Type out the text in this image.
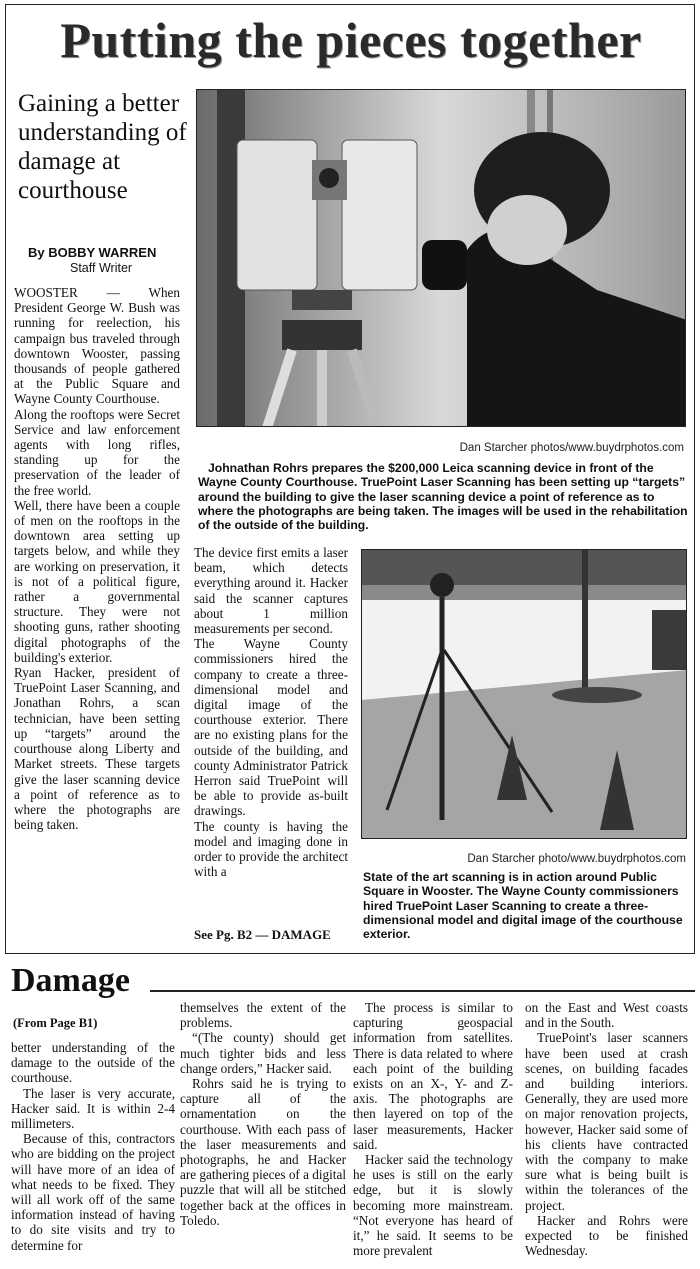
Putting the pieces together
Gaining a better understanding of damage at courthouse
By BOBBY WARREN
Staff Writer

WOOSTER — When President George W. Bush was running for reelection, his campaign bus traveled through downtown Wooster, passing thousands of people gathered at the Public Square and Wayne County Courthouse.

Along the rooftops were Secret Service and law enforcement agents with long rifles, standing up for the preservation of the leader of the free world.

Well, there have been a couple of men on the rooftops in the downtown area setting up targets below, and while they are working on preservation, it is not of a political figure, rather a governmental structure. They were not shooting guns, rather shooting digital photographs of the building's exterior.

Ryan Hacker, president of TruePoint Laser Scanning, and Jonathan Rohrs, a scan technician, have been setting up “targets” around the courthouse along Liberty and Market streets. These targets give the laser scanning device a point of reference as to where the photographs are being taken.

Dan Starcher photos/www.buydrphotos.com
Johnathan Rohrs prepares the $200,000 Leica scanning device in front of the Wayne County Courthouse. TruePoint Laser Scanning has been setting up “targets” around the building to give the laser scanning device a point of reference as to where the photographs are being taken. The images will be used in the rehabilitation of the outside of the building.

The device first emits a laser beam, which detects everything around it. Hacker said the scanner captures about 1 million measurements per second.

The Wayne County commissioners hired the company to create a three-dimensional model and digital image of the courthouse exterior. There are no existing plans for the outside of the building, and county Administrator Patrick Herron said TruePoint will be able to provide as-built drawings.

The county is having the model and imaging done in order to provide the architect with a

See Pg. B2 — DAMAGE
Dan Starcher photo/www.buydrphotos.com
State of the art scanning is in action around Public Square in Wooster. The Wayne County commissioners hired TruePoint Laser Scanning to create a three-dimensional model and digital image of the courthouse exterior.
Damage
(From Page B1)

better understanding of the damage to the outside of the courthouse.

The laser is very accurate, Hacker said. It is within 2-4 millimeters.

Because of this, contractors who are bidding on the project will have more of an idea of what needs to be fixed. They will all work off of the same information instead of having to do site visits and try to determine for

themselves the extent of the problems.

“(The county) should get much tighter bids and less change orders,” Hacker said.

Rohrs said he is trying to capture all of the ornamentation on the courthouse. With each pass of the laser measurements and photographs, he and Hacker are gathering pieces of a digital puzzle that will all be stitched together back at the offices in Toledo.

The process is similar to capturing geospacial information from satellites. There is data related to where each point of the building exists on an X-, Y- and Z-axis. The photographs are then layered on top of the laser measurements, Hacker said.

Hacker said the technology he uses is still on the early edge, but it is slowly becoming more mainstream. “Not everyone has heard of it,” he said. It seems to be more prevalent

on the East and West coasts and in the South.

TruePoint's laser scanners have been used at crash scenes, on building facades and building interiors. Generally, they are used more on major renovation projects, however, Hacker said some of his clients have contracted with the company to make sure what is being built is within the tolerances of the project.

Hacker and Rohrs were expected to be finished Wednesday.
